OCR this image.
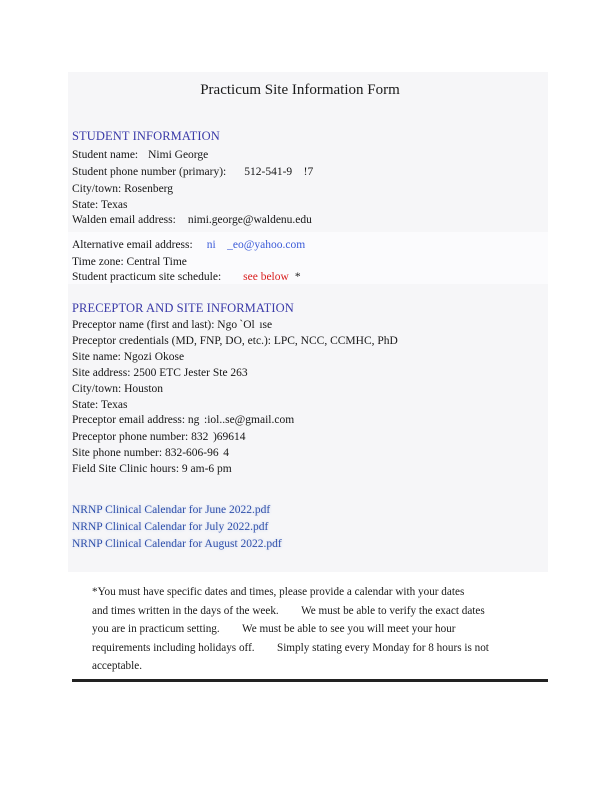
Practicum Site Information Form
STUDENT INFORMATION
Student name: Nimi George
Student phone number (primary): 512-541-9 !7
City/town: Rosenberg
State: Texas
Walden email address: nimi.george@waldenu.edu
Alternative email address: ni _eo@yahoo.com
Time zone: Central Time
Student practicum site schedule: see below *
PRECEPTOR AND SITE INFORMATION
Preceptor name (first and last): Ngo `Ol  ıse
Preceptor credentials (MD, FNP, DO, etc.): LPC, NCC, CCMHC, PhD
Site name: Ngozi Okose
Site address: 2500 ETC Jester Ste 263
City/town: Houston
State: Texas
Preceptor email address: ng  :iol..se@gmail.com
Preceptor phone number: 832  )69614
Site phone number: 832-606-96  4
Field Site Clinic hours: 9 am-6 pm
NRNP Clinical Calendar for June 2022.pdf
NRNP Clinical Calendar for July 2022.pdf
NRNP Clinical Calendar for August 2022.pdf
*You must have specific dates and times, please provide a calendar with your dates
and times written in the days of the week.  We must be able to verify the exact dates
you are in practicum setting.  We must be able to see you will meet your hour
requirements including holidays off.  Simply stating every Monday for 8 hours is not
acceptable.
